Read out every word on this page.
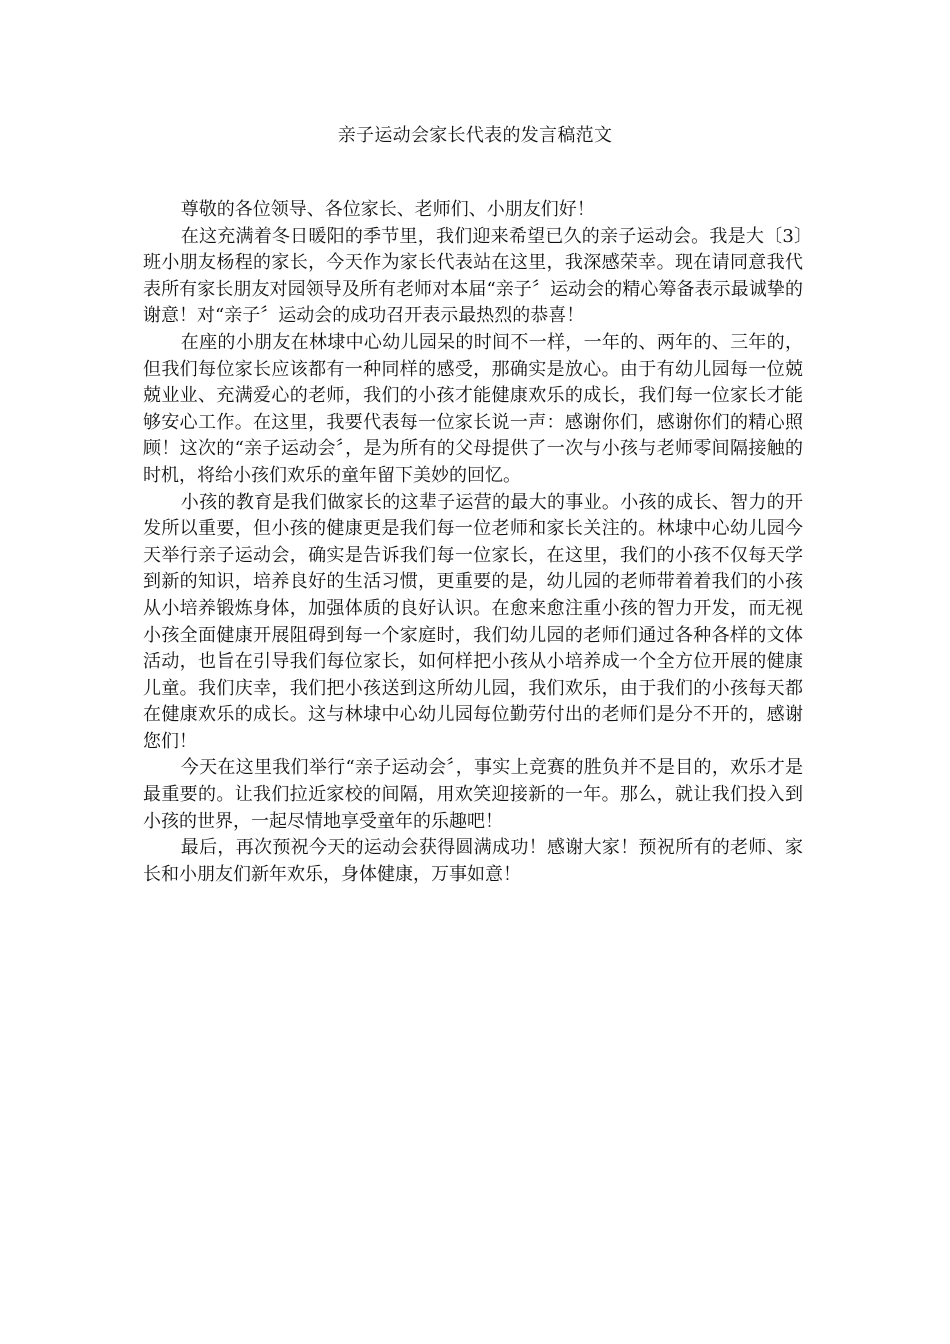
亲子运动会家长代表的发言稿范文

尊敬的各位领导、各位家长、老师们、小朋友们好！

在这充满着冬日暖阳的季节里，我们迎来希望已久的亲子运动会。我是大〔3〕班小朋友杨程的家长，今天作为家长代表站在这里，我深感荣幸。现在请同意我代表所有家长朋友对园领导及所有老师对本届“亲子〞运动会的精心筹备表示最诚挚的谢意！对“亲子〞运动会的成功召开表示最热烈的恭喜！

在座的小朋友在林埭中心幼儿园呆的时间不一样，一年的、两年的、三年的，但我们每位家长应该都有一种同样的感受，那确实是放心。由于有幼儿园每一位兢兢业业、充满爱心的老师，我们的小孩才能健康欢乐的成长，我们每一位家长才能够安心工作。在这里，我要代表每一位家长说一声：感谢你们，感谢你们的精心照顾！这次的“亲子运动会〞，是为所有的父母提供了一次与小孩与老师零间隔接触的时机，将给小孩们欢乐的童年留下美妙的回忆。

小孩的教育是我们做家长的这辈子运营的最大的事业。小孩的成长、智力的开发所以重要，但小孩的健康更是我们每一位老师和家长关注的。林埭中心幼儿园今天举行亲子运动会，确实是告诉我们每一位家长，在这里，我们的小孩不仅每天学到新的知识，培养良好的生活习惯，更重要的是，幼儿园的老师带着着我们的小孩从小培养锻炼身体，加强体质的良好认识。在愈来愈注重小孩的智力开发，而无视小孩全面健康开展阻碍到每一个家庭时，我们幼儿园的老师们通过各种各样的文体活动，也旨在引导我们每位家长，如何样把小孩从小培养成一个全方位开展的健康儿童。我们庆幸，我们把小孩送到这所幼儿园，我们欢乐，由于我们的小孩每天都在健康欢乐的成长。这与林埭中心幼儿园每位勤劳付出的老师们是分不开的，感谢您们！

今天在这里我们举行“亲子运动会〞，事实上竞赛的胜负并不是目的，欢乐才是最重要的。让我们拉近家校的间隔，用欢笑迎接新的一年。那么，就让我们投入到小孩的世界，一起尽情地享受童年的乐趣吧！

最后，再次预祝今天的运动会获得圆满成功！感谢大家！预祝所有的老师、家长和小朋友们新年欢乐，身体健康，万事如意！
